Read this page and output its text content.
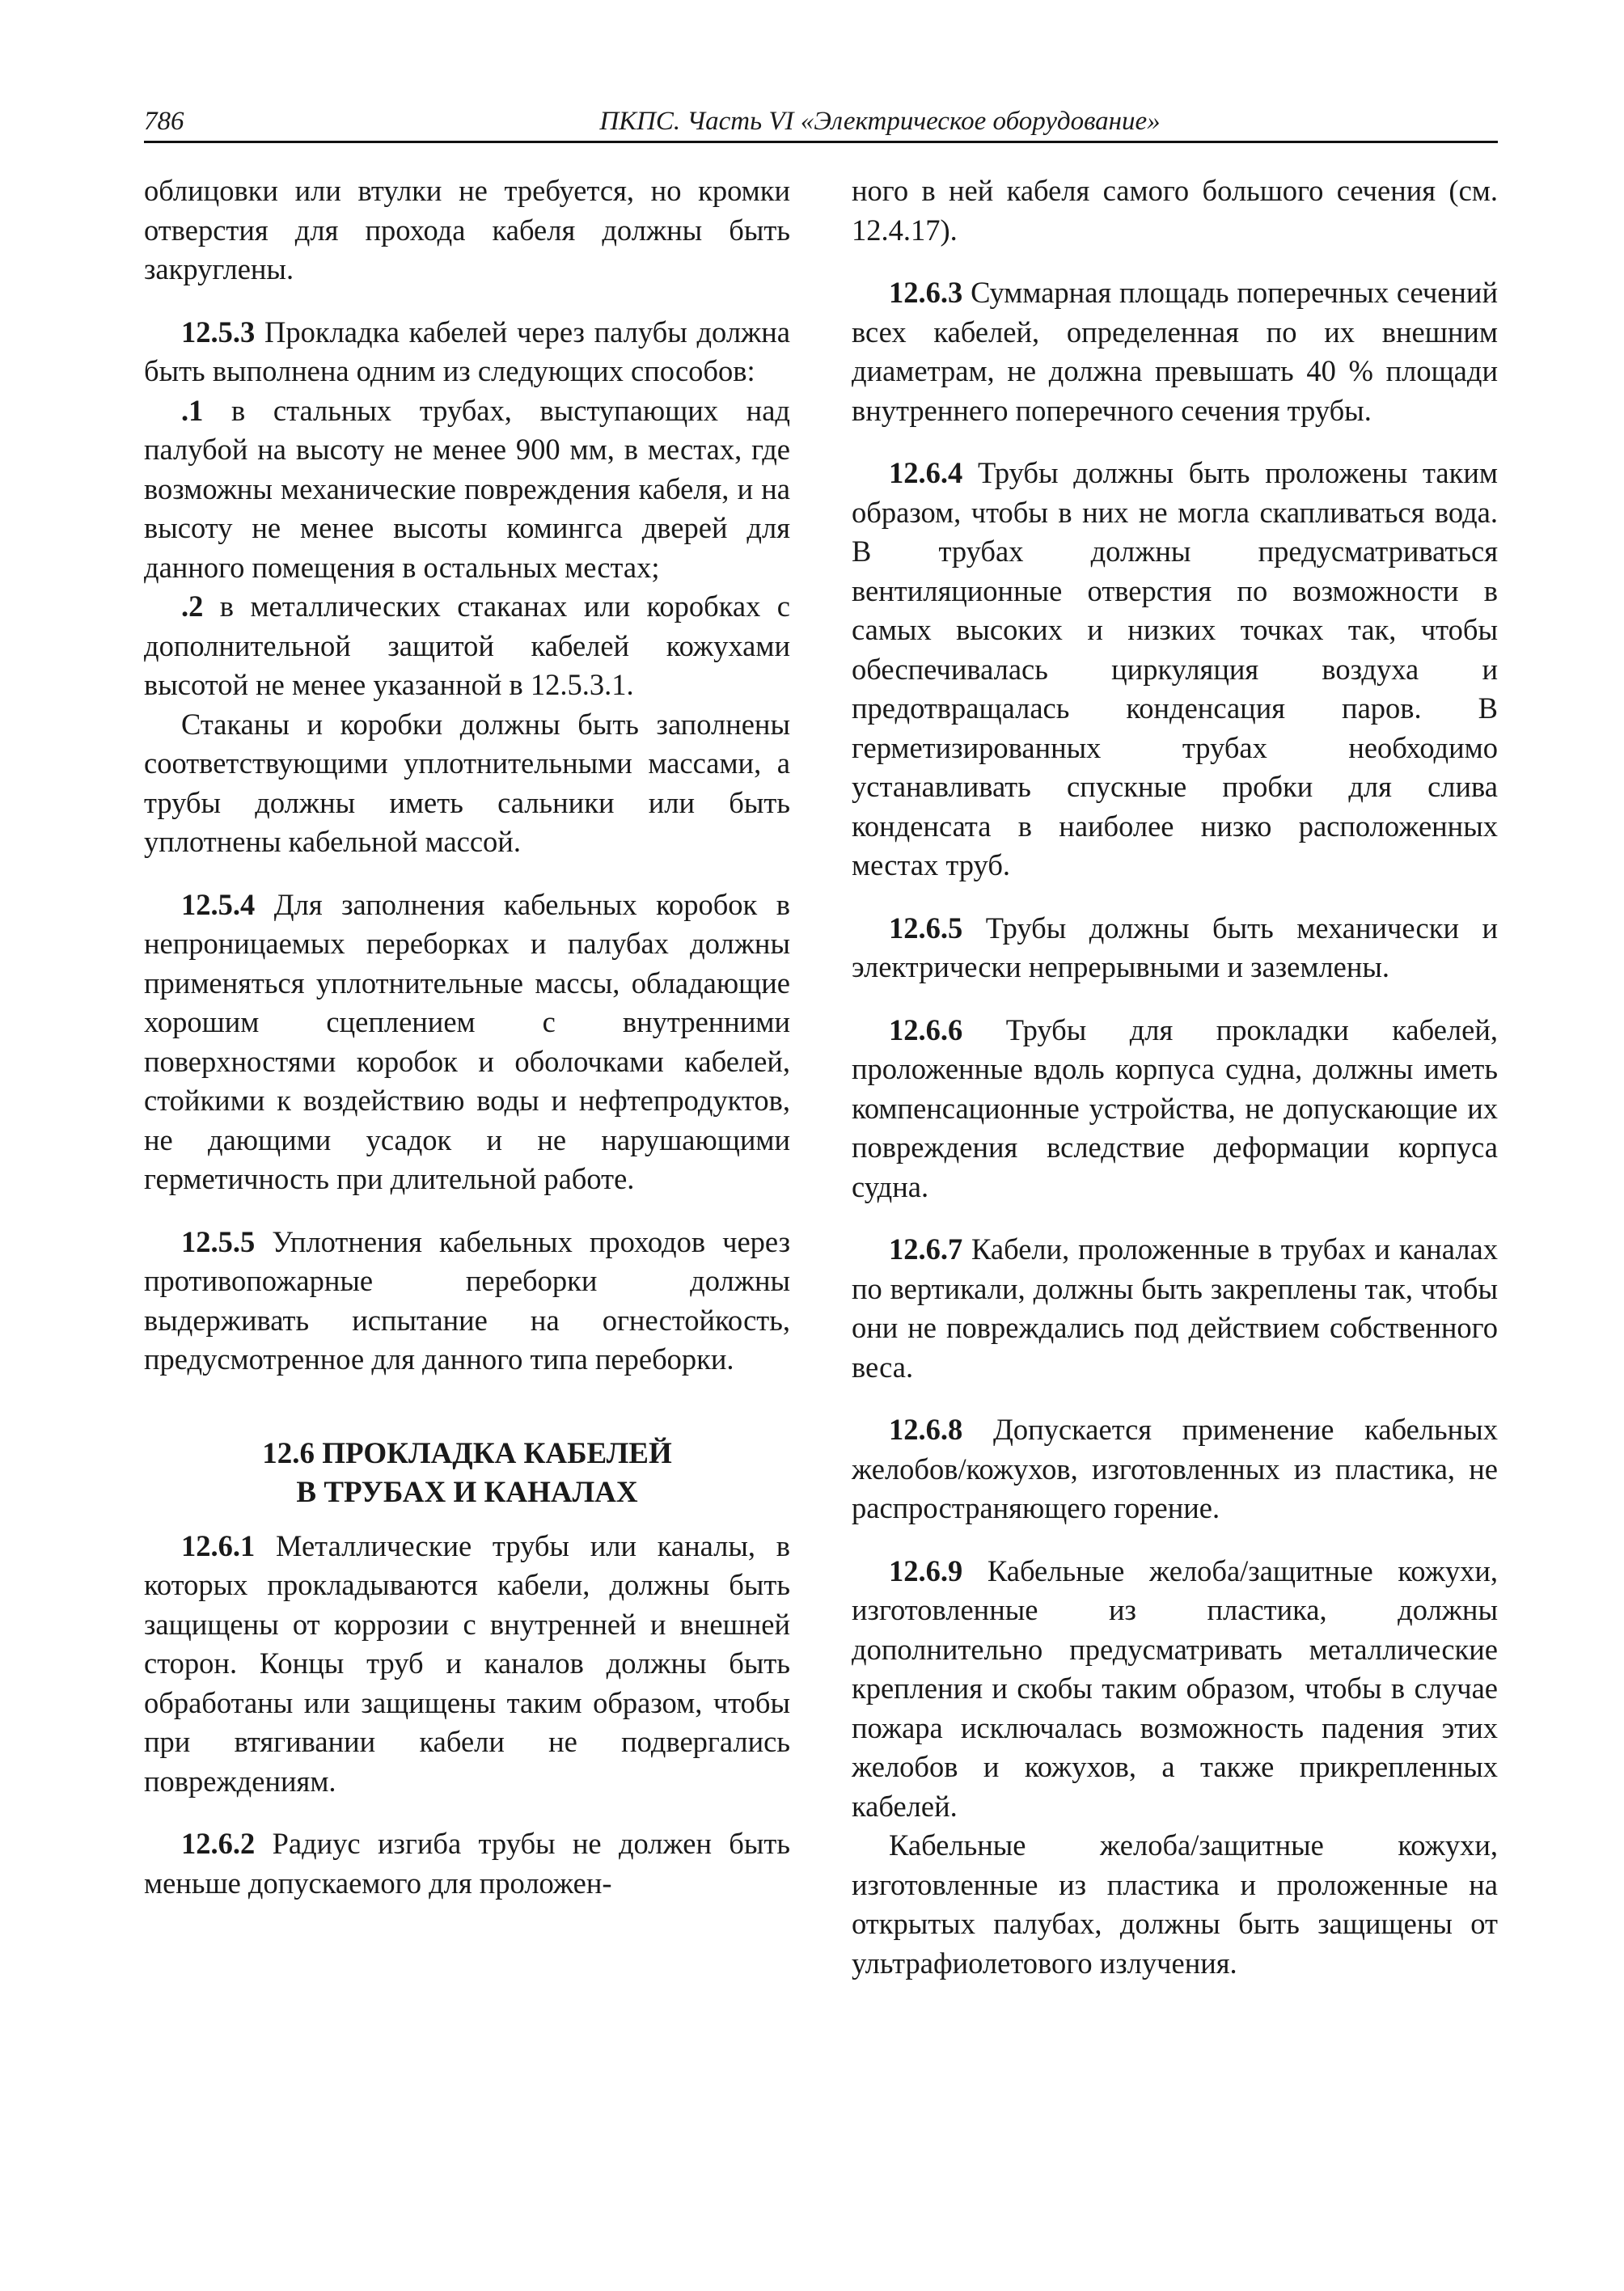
786	ПКПС. Часть VI «Электрическое оборудование»

облицовки или втулки не требуется, но кромки отверстия для прохода кабеля должны быть закруглены.

12.5.3 Прокладка кабелей через палубы должна быть выполнена одним из следующих способов:

.1 в стальных трубах, выступающих над палубой на высоту не менее 900 мм, в местах, где возможны механические повреждения кабеля, и на высоту не менее высоты комингса дверей для данного помещения в остальных местах;

.2 в металлических стаканах или коробках с дополнительной защитой кабелей кожухами высотой не менее указанной в 12.5.3.1.

Стаканы и коробки должны быть заполнены соответствующими уплотнительными массами, а трубы должны иметь сальники или быть уплотнены кабельной массой.

12.5.4 Для заполнения кабельных коробок в непроницаемых переборках и палубах должны применяться уплотнительные массы, обладающие хорошим сцеплением с внутренними поверхностями коробок и оболочками кабелей, стойкими к воздействию воды и нефтепродуктов, не дающими усадок и не нарушающими герметичность при длительной работе.

12.5.5 Уплотнения кабельных проходов через противопожарные переборки должны выдерживать испытание на огнестойкость, предусмотренное для данного типа переборки.

12.6 ПРОКЛАДКА КАБЕЛЕЙ
В ТРУБАХ И КАНАЛАХ

12.6.1 Металлические трубы или каналы, в которых прокладываются кабели, должны быть защищены от коррозии с внутренней и внешней сторон. Концы труб и каналов должны быть обработаны или защищены таким образом, чтобы при втягивании кабели не подвергались повреждениям.

12.6.2 Радиус изгиба трубы не должен быть меньше допускаемого для проложен-

ного в ней кабеля самого большого сечения (см. 12.4.17).

12.6.3 Суммарная площадь поперечных сечений всех кабелей, определенная по их внешним диаметрам, не должна превышать 40 % площади внутреннего поперечного сечения трубы.

12.6.4 Трубы должны быть проложены таким образом, чтобы в них не могла скапливаться вода. В трубах должны предусматриваться вентиляционные отверстия по возможности в самых высоких и низких точках так, чтобы обеспечивалась циркуляция воздуха и предотвращалась конденсация паров. В герметизированных трубах необходимо устанавливать спускные пробки для слива конденсата в наиболее низко расположенных местах труб.

12.6.5 Трубы должны быть механически и электрически непрерывными и заземлены.

12.6.6 Трубы для прокладки кабелей, проложенные вдоль корпуса судна, должны иметь компенсационные устройства, не допускающие их повреждения вследствие деформации корпуса судна.

12.6.7 Кабели, проложенные в трубах и каналах по вертикали, должны быть закреплены так, чтобы они не повреждались под действием собственного веса.

12.6.8 Допускается применение кабельных желобов/кожухов, изготовленных из пластика, не распространяющего горение.

12.6.9 Кабельные желоба/защитные кожухи, изготовленные из пластика, должны дополнительно предусматривать металлические крепления и скобы таким образом, чтобы в случае пожара исключалась возможность падения этих желобов и кожухов, а также прикрепленных кабелей.

Кабельные желоба/защитные кожухи, изготовленные из пластика и проложенные на открытых палубах, должны быть защищены от ультрафиолетового излучения.
